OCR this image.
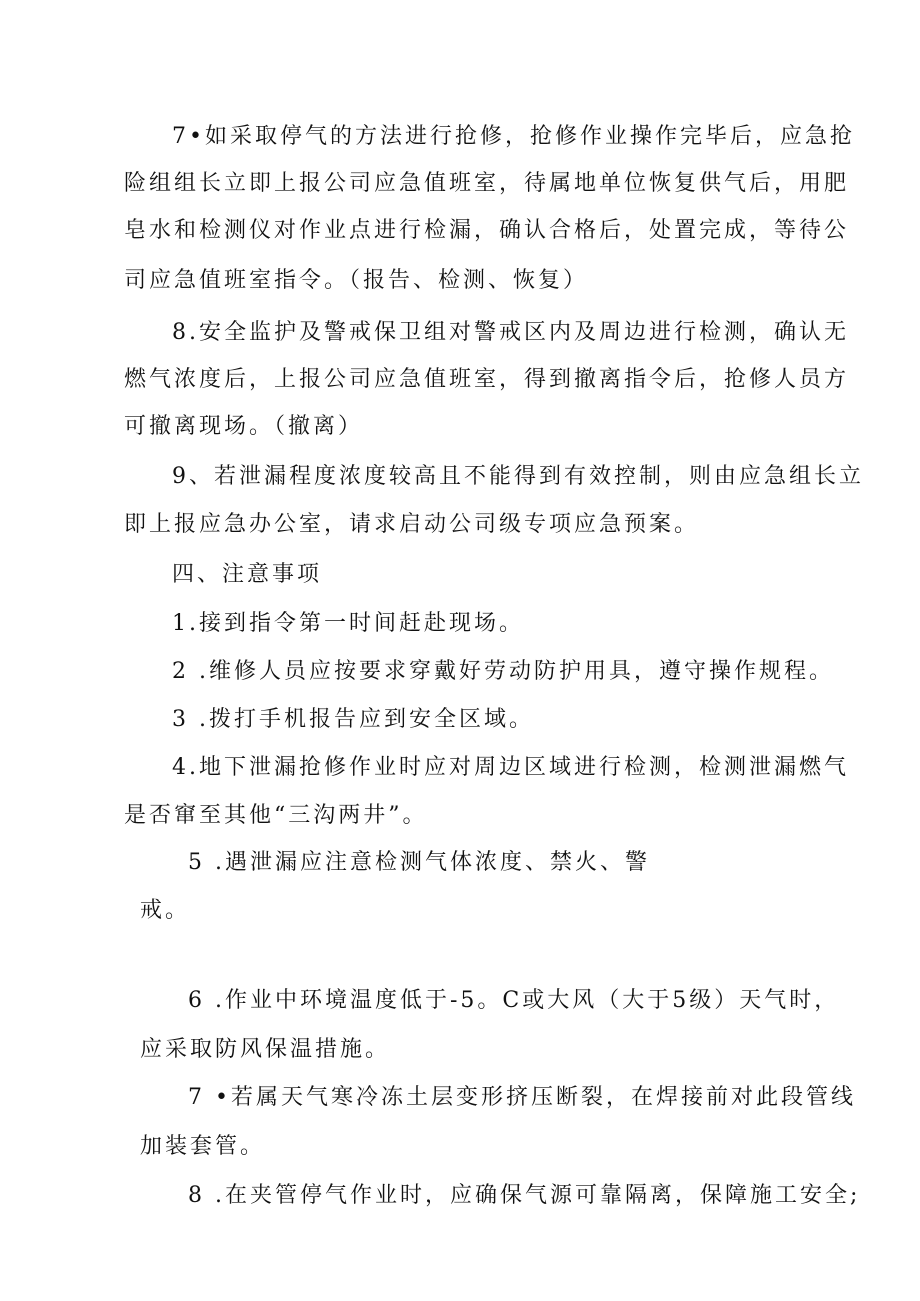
7•如采取停气的方法进行抢修，抢修作业操作完毕后，应急抢
险组组长立即上报公司应急值班室，待属地单位恢复供气后，用肥
皂水和检测仪对作业点进行检漏，确认合格后，处置完成，等待公
司应急值班室指令。（报告、检测、恢复）
8.安全监护及警戒保卫组对警戒区内及周边进行检测，确认无
燃气浓度后，上报公司应急值班室，得到撤离指令后，抢修人员方
可撤离现场。（撤离）
9、若泄漏程度浓度较高且不能得到有效控制，则由应急组长立
即上报应急办公室，请求启动公司级专项应急预案。
四、注意事项
1.接到指令第一时间赶赴现场。
2 .维修人员应按要求穿戴好劳动防护用具，遵守操作规程。
3 .拨打手机报告应到安全区域。
4.地下泄漏抢修作业时应对周边区域进行检测，检测泄漏燃气
是否窜至其他“三沟两井”。
5 .遇泄漏应注意检测气体浓度、禁火、警
戒。
6 .作业中环境温度低于-5。C或大风（大于5级）天气时，
应采取防风保温措施。
7 •若属天气寒冷冻土层变形挤压断裂，在焊接前对此段管线
加装套管。
8 .在夹管停气作业时，应确保气源可靠隔离，保障施工安全;
